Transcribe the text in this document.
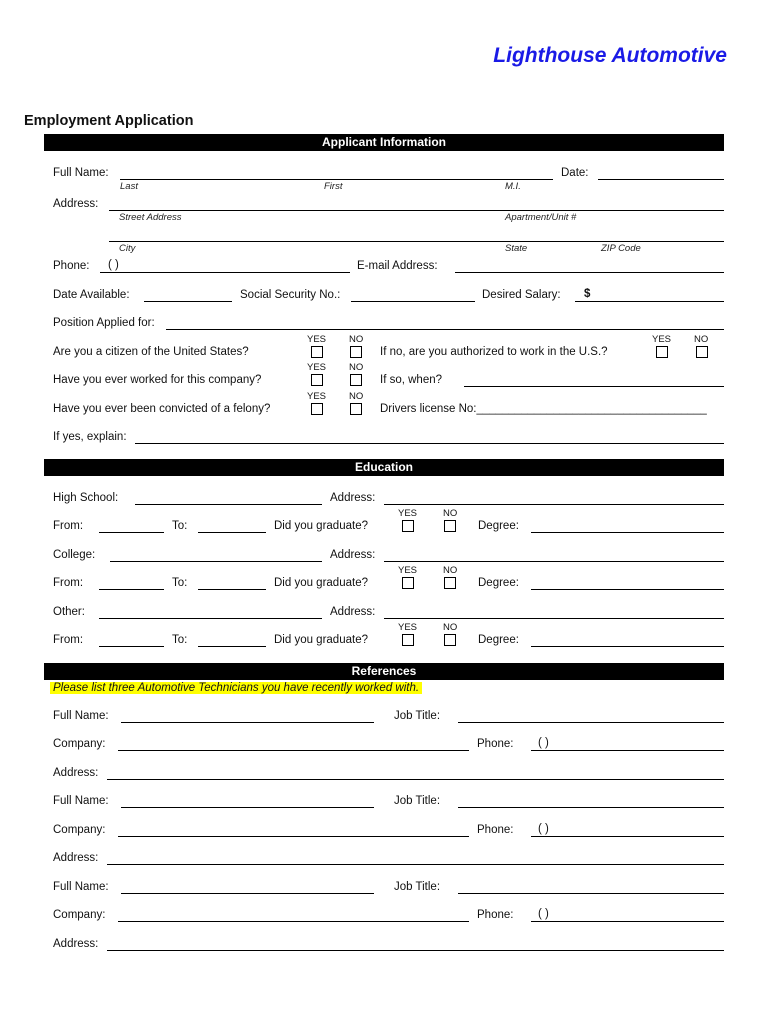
Lighthouse Automotive
Employment Application
Applicant Information
Full Name:	Date:
Last	First	M.I.
Address:
Street Address	Apartment/Unit #
City	State	ZIP Code
Phone: ( )	E-mail Address:
Date Available:	Social Security No.:	Desired Salary: $
Position Applied for:
YES NO	YES NO
Are you a citizen of the United States?	If no, are you authorized to work in the U.S.?
YES NO
Have you ever worked for this company?	If so, when?
YES NO
Have you ever been convicted of a felony?	Drivers license No:____________________________________
If yes, explain:
Education
High School:	Address:
YES	NO
From:	To:	Did you graduate?	Degree:
College:	Address:
YES	NO
From:	To:	Did you graduate?	Degree:
Other:	Address:
YES	NO
From:	To:	Did you graduate?	Degree:
References
Please list three Automotive Technicians you have recently worked with.
Full Name:	Job Title:
Company:	Phone: ( )
Address:
Full Name:	Job Title:
Company:	Phone: ( )
Address:
Full Name:	Job Title:
Company:	Phone: ( )
Address:
